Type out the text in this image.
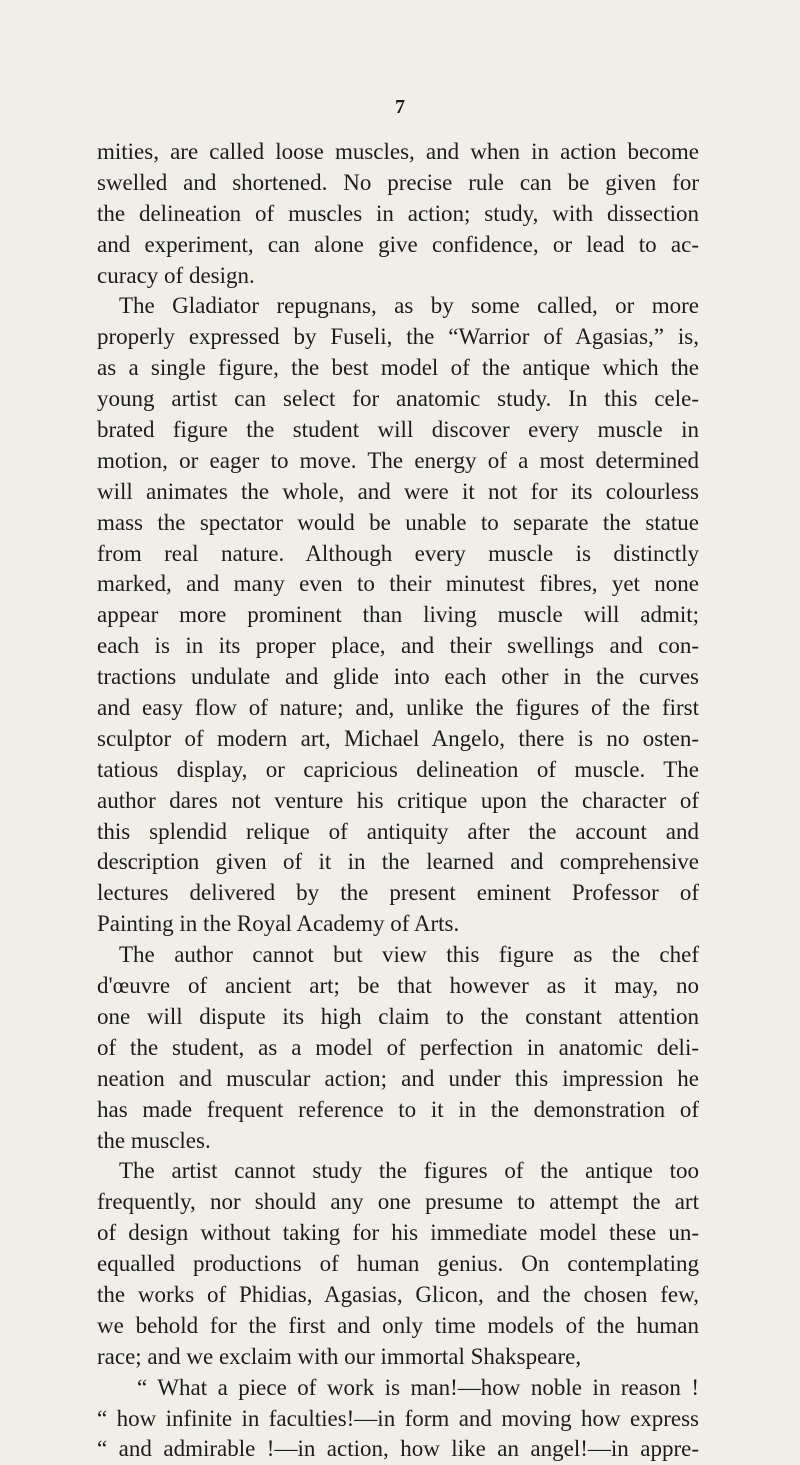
7
mities, are called loose muscles, and when in action become
swelled and shortened. No precise rule can be given for
the delineation of muscles in action; study, with dissection
and experiment, can alone give confidence, or lead to ac-
curacy of design.
The Gladiator repugnans, as by some called, or more
properly expressed by Fuseli, the “Warrior of Agasias,” is,
as a single figure, the best model of the antique which the
young artist can select for anatomic study. In this cele-
brated figure the student will discover every muscle in
motion, or eager to move. The energy of a most determined
will animates the whole, and were it not for its colourless
mass the spectator would be unable to separate the statue
from real nature. Although every muscle is distinctly
marked, and many even to their minutest fibres, yet none
appear more prominent than living muscle will admit;
each is in its proper place, and their swellings and con-
tractions undulate and glide into each other in the curves
and easy flow of nature; and, unlike the figures of the first
sculptor of modern art, Michael Angelo, there is no osten-
tatious display, or capricious delineation of muscle. The
author dares not venture his critique upon the character of
this splendid relique of antiquity after the account and
description given of it in the learned and comprehensive
lectures delivered by the present eminent Professor of
Painting in the Royal Academy of Arts.
The author cannot but view this figure as the chef
d'œuvre of ancient art; be that however as it may, no
one will dispute its high claim to the constant attention
of the student, as a model of perfection in anatomic deli-
neation and muscular action; and under this impression he
has made frequent reference to it in the demonstration of
the muscles.
The artist cannot study the figures of the antique too
frequently, nor should any one presume to attempt the art
of design without taking for his immediate model these un-
equalled productions of human genius. On contemplating
the works of Phidias, Agasias, Glicon, and the chosen few,
we behold for the first and only time models of the human
race; and we exclaim with our immortal Shakspeare,
“ What a piece of work is man!—how noble in reason !
“ how infinite in faculties!—in form and moving how express
“ and admirable !—in action, how like an angel!—in appre-
